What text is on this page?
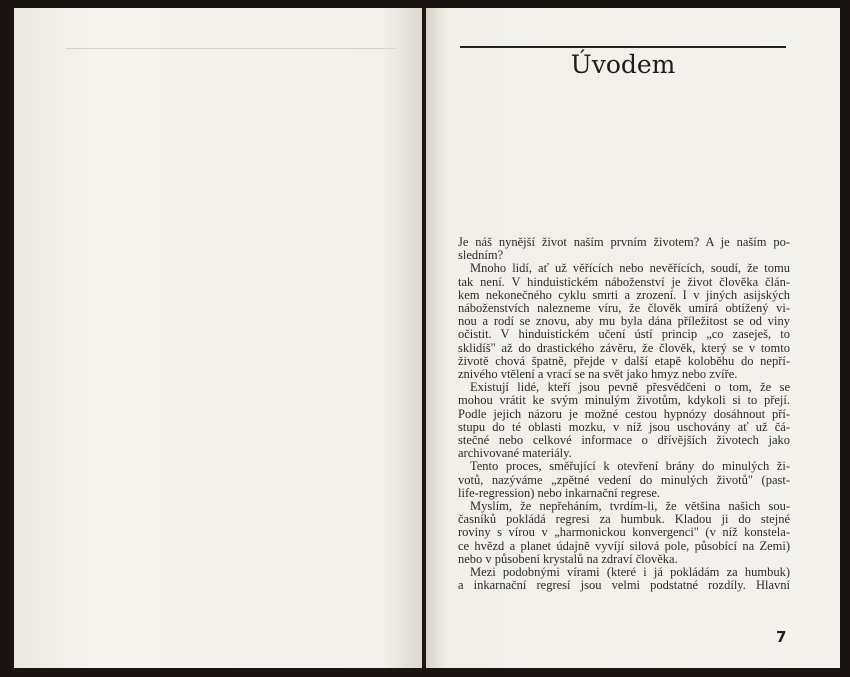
Úvodem
Je náš nynější život naším prvním životem? A je naším po-
sledním?
Mnoho lidí, ať už věřících nebo nevěřících, soudí, že tomu
tak není. V hinduistickém náboženství je život člověka člán-
kem nekonečného cyklu smrti a zrození. I v jiných asijských
náboženstvích nalezneme víru, že člověk umírá obtížený vi-
nou a rodí se znovu, aby mu byla dána příležitost se od viny
očistit. V hinduistickém učení ústí princip „co zaseješ, to
sklidíš" až do drastického závěru, že člověk, který se v tomto
životě chová špatně, přejde v další etapě koloběhu do nepří-
znivého vtělení a vrací se na svět jako hmyz nebo zvíře.
Existují lidé, kteří jsou pevně přesvědčeni o tom, že se
mohou vrátit ke svým minulým životům, kdykoli si to přejí.
Podle jejich názoru je možné cestou hypnózy dosáhnout pří-
stupu do té oblasti mozku, v níž jsou uschovány ať už čá-
stečné nebo celkové informace o dřívějších životech jako
archivované materiály.
Tento proces, směřující k otevření brány do minulých ži-
votů, nazýváme „zpětné vedení do minulých životů" (past-
life-regression) nebo inkarnační regrese.
Myslím, že nepřeháním, tvrdím-li, že většina našich sou-
časníků pokládá regresi za humbuk. Kladou ji do stejné
roviny s vírou v „harmonickou konvergenci" (v níž konstela-
ce hvězd a planet údajně vyvíjí silová pole, působící na Zemi)
nebo v působení krystalů na zdraví člověka.
Mezi podobnými vírami (které i já pokládám za humbuk)
a inkarnační regresí jsou velmi podstatné rozdíly. Hlavní
7
